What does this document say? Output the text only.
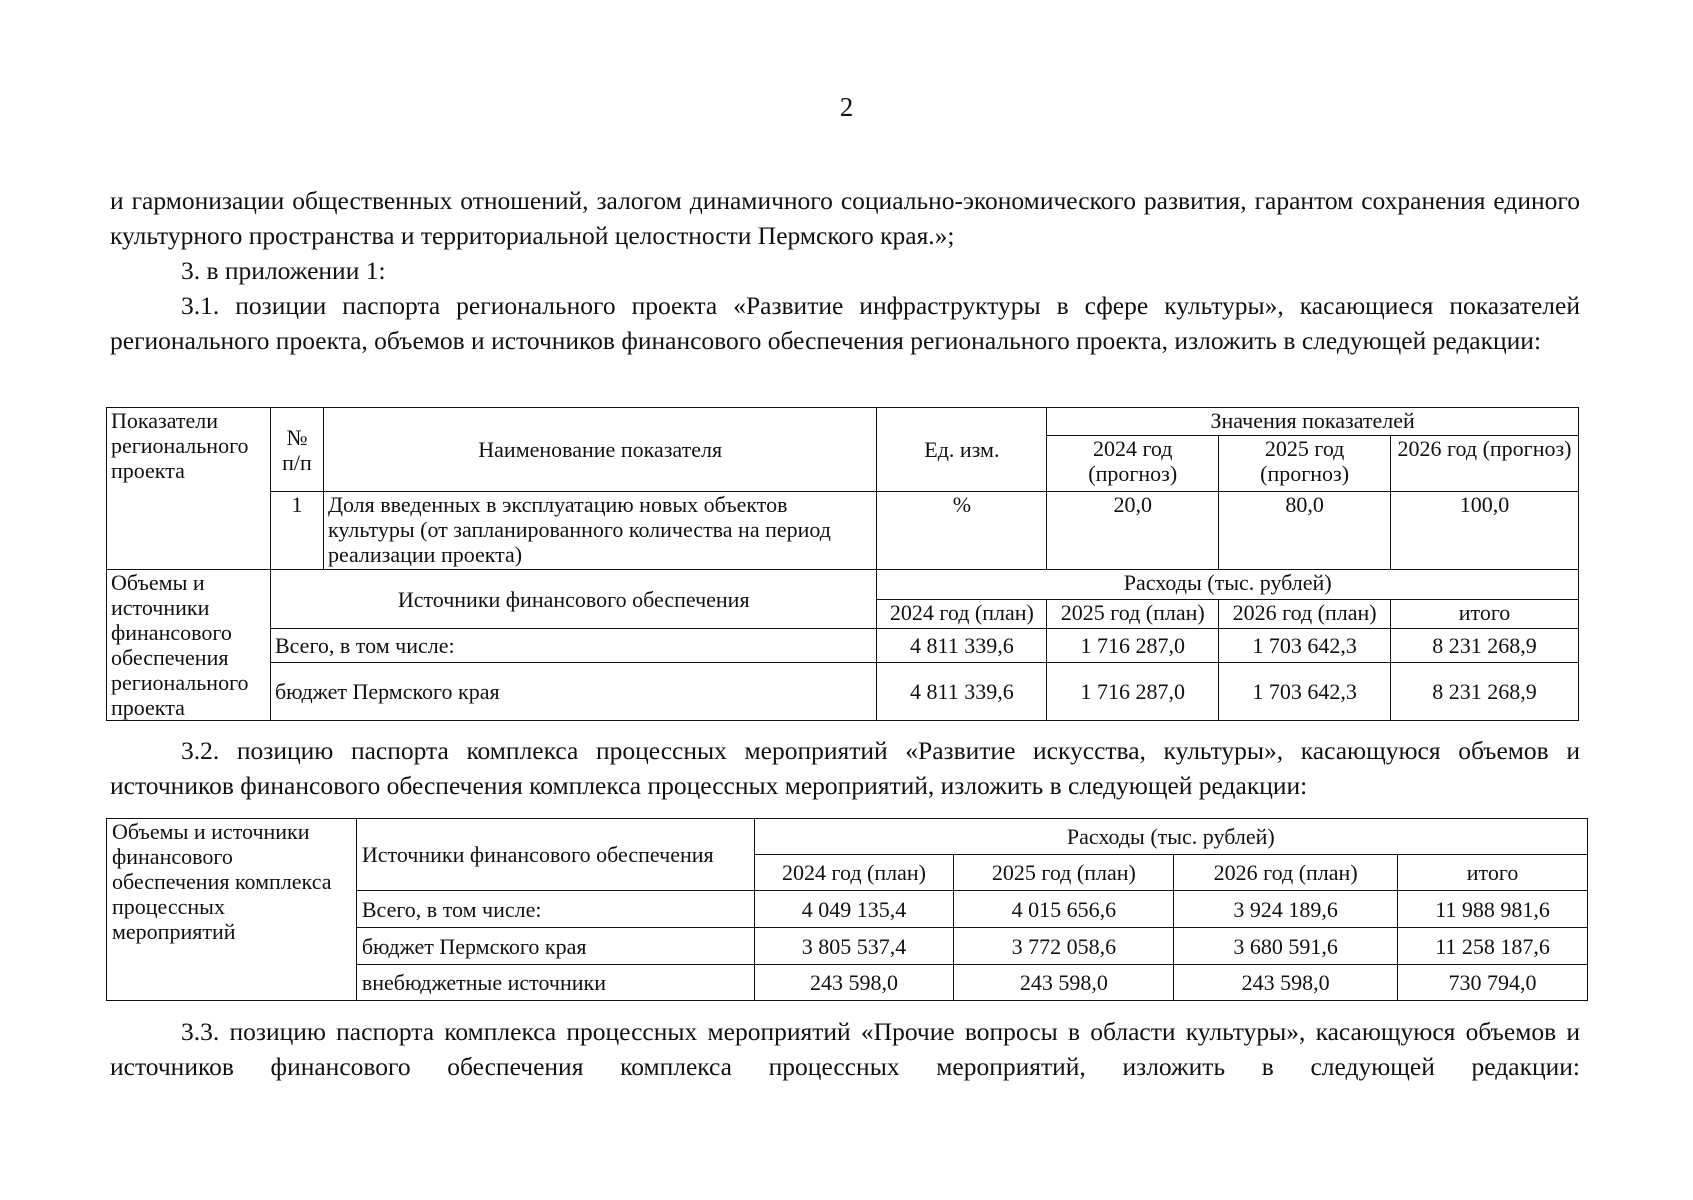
2

и гармонизации общественных отношений, залогом динамичного социально-экономического развития, гарантом сохранения единого культурного пространства и территориальной целостности Пермского края.»;

3. в приложении 1:

3.1. позиции паспорта регионального проекта «Развитие инфраструктуры в сфере культуры», касающиеся показателей регионального проекта, объемов и источников финансового обеспечения регионального проекта, изложить в следующей редакции:

Показатели регионального проекта	№ п/п	Наименование показателя	Ед. изм.	Значения показателей		
				2024 год (прогноз)	2025 год (прогноз)	2026 год (прогноз)
	1	Доля введенных в эксплуатацию новых объектов культуры (от запланированного количества на период реализации проекта)	%	20,0	80,0	100,0
Объемы и источники финансового обеспечения регионального проекта	Источники финансового обеспечения		Расходы (тыс. рублей)			
			2024 год (план)	2025 год (план)	2026 год (план)	итого
	Всего, в том числе:		4 811 339,6	1 716 287,0	1 703 642,3	8 231 268,9
	бюджет Пермского края		4 811 339,6	1 716 287,0	1 703 642,3	8 231 268,9

3.2. позицию паспорта комплекса процессных мероприятий «Развитие искусства, культуры», касающуюся объемов и источников финансового обеспечения комплекса процессных мероприятий, изложить в следующей редакции:

Объемы и источники финансового обеспечения комплекса процессных мероприятий	Источники финансового обеспечения	Расходы (тыс. рублей)			
		2024 год (план)	2025 год (план)	2026 год (план)	итого
	Всего, в том числе:	4 049 135,4	4 015 656,6	3 924 189,6	11 988 981,6
	бюджет Пермского края	3 805 537,4	3 772 058,6	3 680 591,6	11 258 187,6
	внебюджетные источники	243 598,0	243 598,0	243 598,0	730 794,0

3.3. позицию паспорта комплекса процессных мероприятий «Прочие вопросы в области культуры», касающуюся объемов и источников финансового обеспечения комплекса процессных мероприятий, изложить в следующей редакции:
